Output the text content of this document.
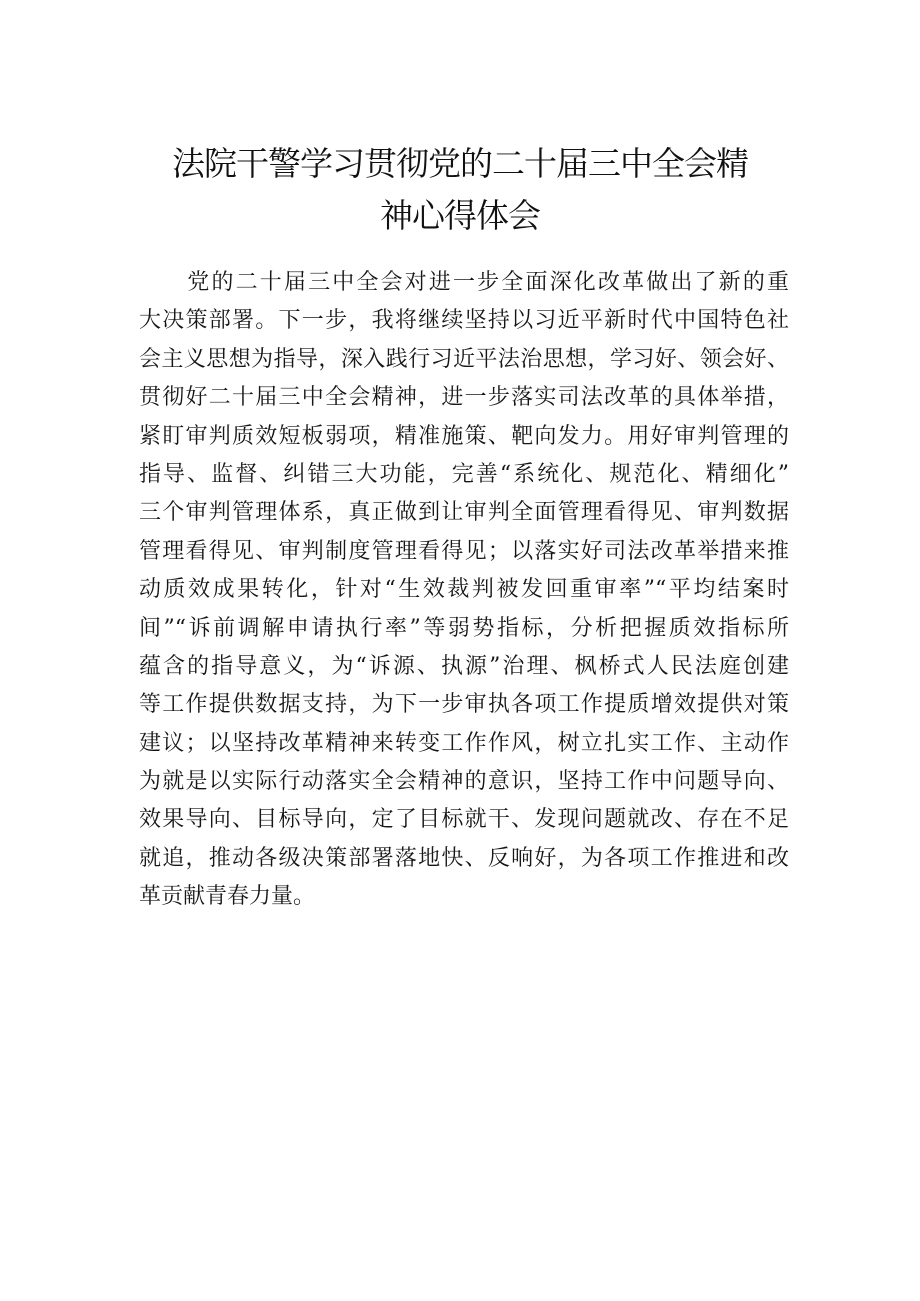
法院干警学习贯彻党的二十届三中全会精
神心得体会
　　党的二十届三中全会对进一步全面深化改革做出了新的重
大决策部署。下一步，我将继续坚持以习近平新时代中国特色社
会主义思想为指导，深入践行习近平法治思想，学习好、领会好、
贯彻好二十届三中全会精神，进一步落实司法改革的具体举措，
紧盯审判质效短板弱项，精准施策、靶向发力。用好审判管理的
指导、监督、纠错三大功能，完善“系统化、规范化、精细化”
三个审判管理体系，真正做到让审判全面管理看得见、审判数据
管理看得见、审判制度管理看得见；以落实好司法改革举措来推
动质效成果转化，针对“生效裁判被发回重审率”“平均结案时
间”“诉前调解申请执行率”等弱势指标，分析把握质效指标所
蕴含的指导意义，为“诉源、执源”治理、枫桥式人民法庭创建
等工作提供数据支持，为下一步审执各项工作提质增效提供对策
建议；以坚持改革精神来转变工作作风，树立扎实工作、主动作
为就是以实际行动落实全会精神的意识，坚持工作中问题导向、
效果导向、目标导向，定了目标就干、发现问题就改、存在不足
就追，推动各级决策部署落地快、反响好，为各项工作推进和改
革贡献青春力量。
